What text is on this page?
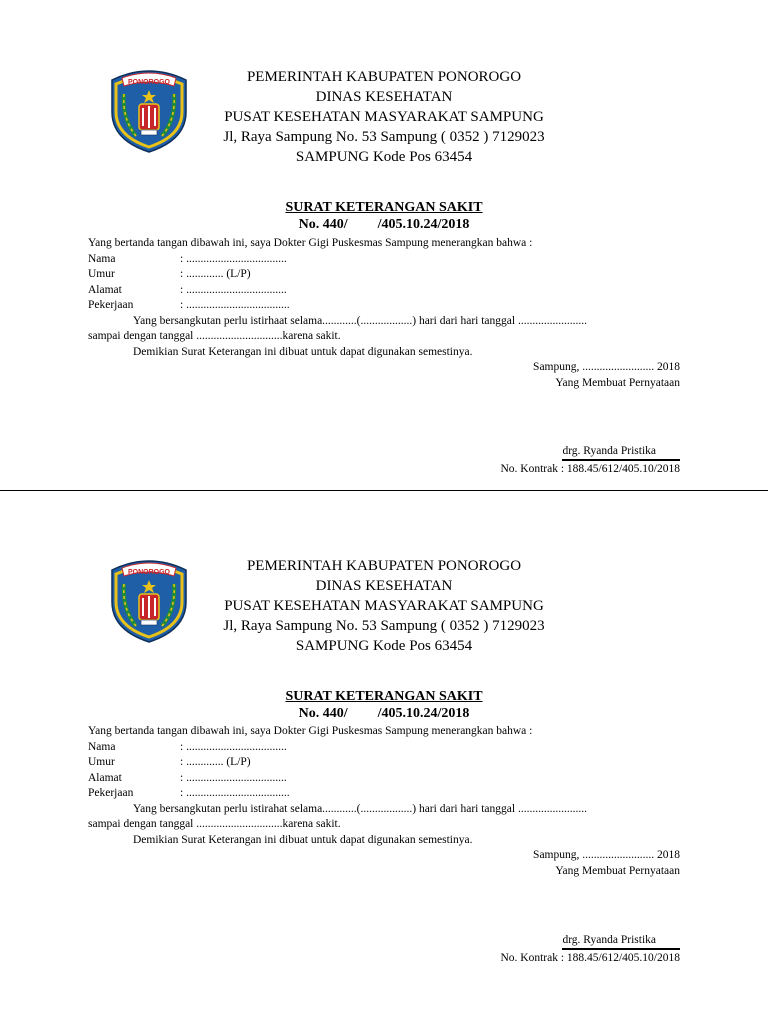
PONOROGO	PEMERINTAH KABUPATEN PONOROGO
DINAS KESEHATAN
PUSAT KESEHATAN MASYARAKAT SAMPUNG
Jl, Raya Sampung No. 53 Sampung ( 0352 ) 7129023
SAMPUNG Kode Pos 63454
SURAT KETERANGAN SAKIT
No. 440/ /405.10.24/2018
Yang bertanda tangan dibawah ini, saya Dokter Gigi Puskesmas Sampung menerangkan bahwa :
Nama	: ...................................
Umur	: ............. (L/P)
Alamat	: ...................................
Pekerjaan	: ....................................
Yang bersangkutan perlu istirhaat selama............(..................) hari dari hari tanggal ........................
sampai dengan tanggal ..............................karena sakit.
Demikian Surat Keterangan ini dibuat untuk dapat digunakan semestinya.
Sampung, ......................... 2018
Yang Membuat Pernyataan
drg. Ryanda Pristika
No. Kontrak : 188.45/612/405.10/2018
PONOROGO	PEMERINTAH KABUPATEN PONOROGO
DINAS KESEHATAN
PUSAT KESEHATAN MASYARAKAT SAMPUNG
Jl, Raya Sampung No. 53 Sampung ( 0352 ) 7129023
SAMPUNG Kode Pos 63454
SURAT KETERANGAN SAKIT
No. 440/ /405.10.24/2018
Yang bertanda tangan dibawah ini, saya Dokter Gigi Puskesmas Sampung menerangkan bahwa :
Nama	: ...................................
Umur	: ............. (L/P)
Alamat	: ...................................
Pekerjaan	: ....................................
Yang bersangkutan perlu istirahat selama............(..................) hari dari hari tanggal ........................
sampai dengan tanggal ..............................karena sakit.
Demikian Surat Keterangan ini dibuat untuk dapat digunakan semestinya.
Sampung, ......................... 2018
Yang Membuat Pernyataan
drg. Ryanda Pristika
No. Kontrak : 188.45/612/405.10/2018
